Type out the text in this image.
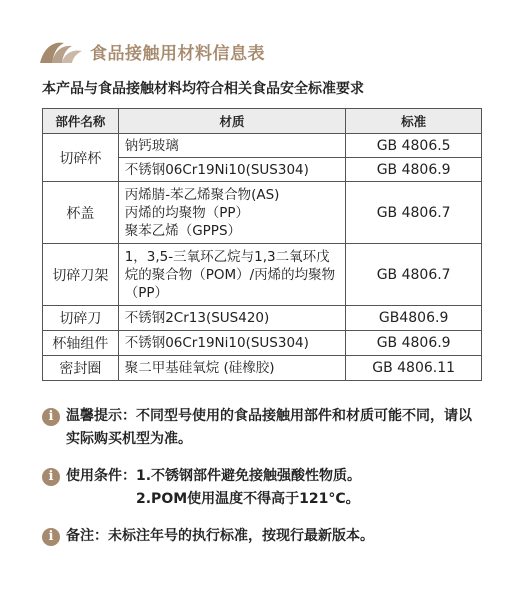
食品接触用材料信息表
本产品与食品接触材料均符合相关食品安全标准要求
部件名称	材质	标准
切碎杯	钠钙玻璃	GB 4806.5
	不锈钢06Cr19Ni10(SUS304)	GB 4806.9
杯盖	丙烯腈-苯乙烯聚合物(AS)
丙烯的均聚物（PP）
聚苯乙烯（GPPS）	GB 4806.7
切碎刀架	1，3,5-三氧环乙烷与1,3二氧环戊烷的聚合物（POM）/丙烯的均聚物（PP）	GB 4806.7
切碎刀	不锈钢2Cr13(SUS420)	GB4806.9
杯轴组件	不锈钢06Cr19Ni10(SUS304)	GB 4806.9
密封圈	聚二甲基硅氧烷 (硅橡胶)	GB 4806.11
i 温馨提示：不同型号使用的食品接触用部件和材质可能不同，请以实际购买机型为准。
i 使用条件： 1.不锈钢部件避免接触强酸性物质。
2.POM使用温度不得高于121°C。
i 备注：未标注年号的执行标准，按现行最新版本。
